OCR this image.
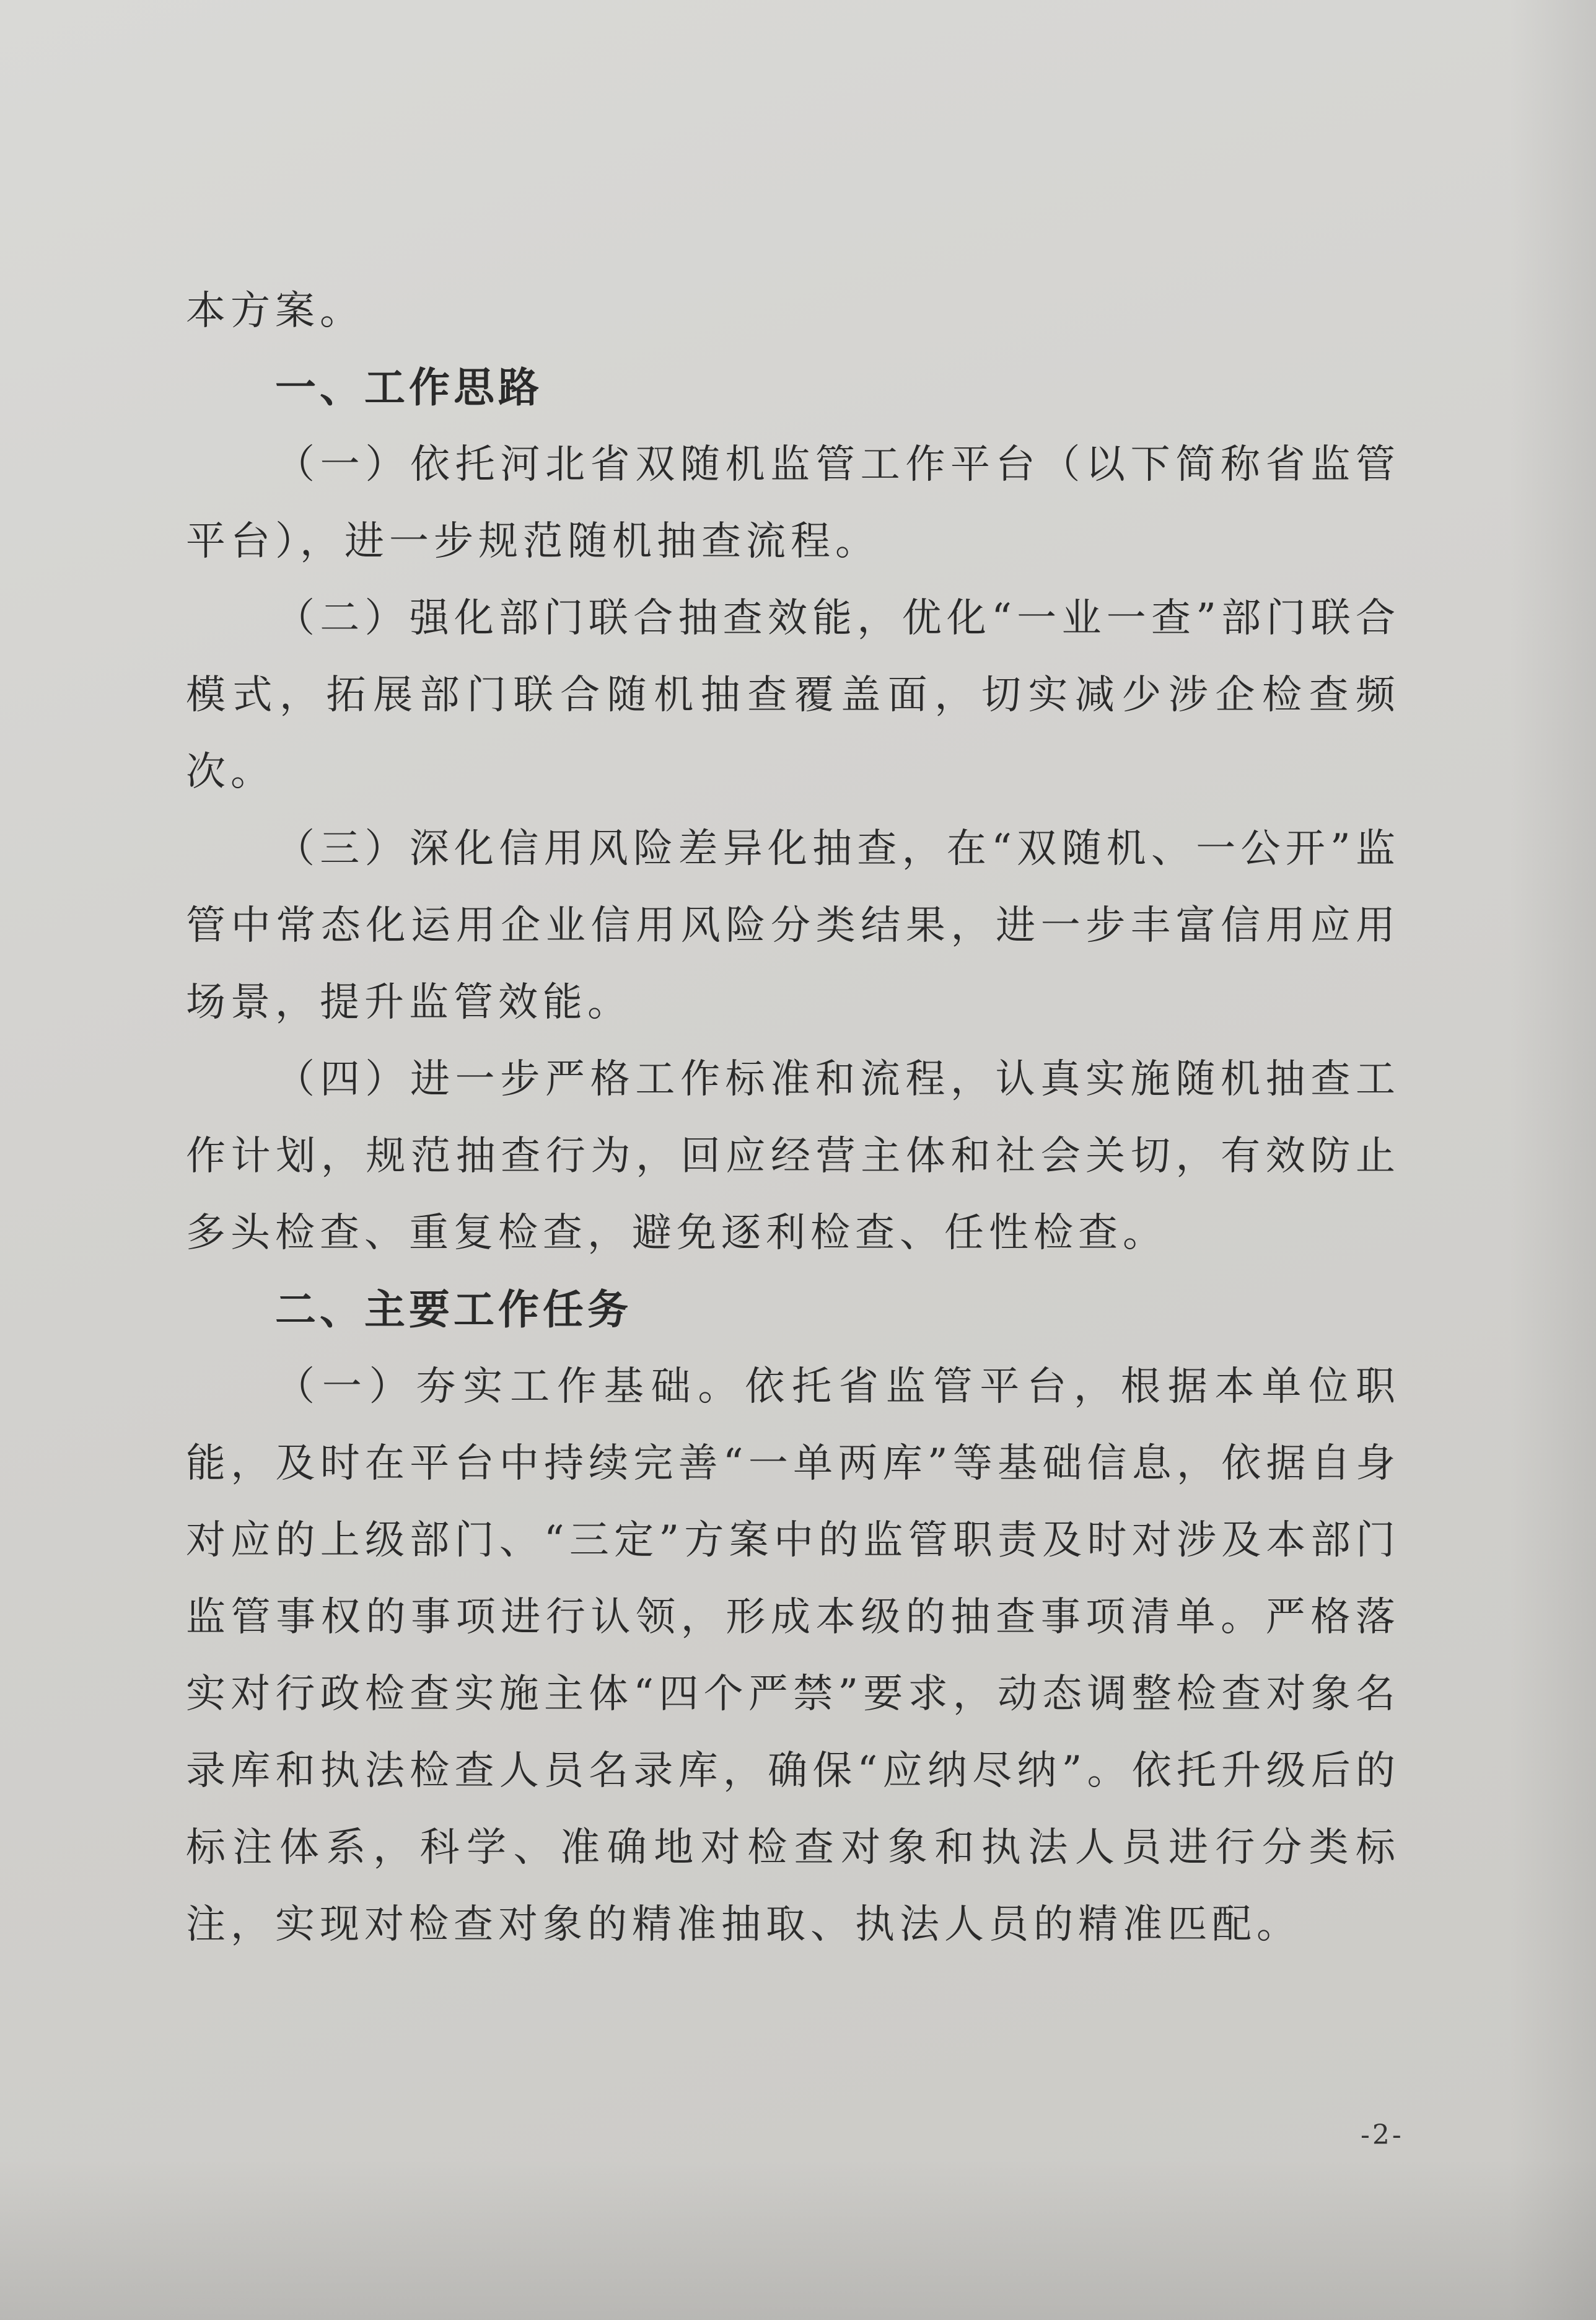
本方案。

一、工作思路

（一）依托河北省双随机监管工作平台（以下简称省监管平台），进一步规范随机抽查流程。

（二）强化部门联合抽查效能，优化“一业一查”部门联合模式，拓展部门联合随机抽查覆盖面，切实减少涉企检查频次。

（三）深化信用风险差异化抽查，在“双随机、一公开”监管中常态化运用企业信用风险分类结果，进一步丰富信用应用场景，提升监管效能。

（四）进一步严格工作标准和流程，认真实施随机抽查工作计划，规范抽查行为，回应经营主体和社会关切，有效防止多头检查、重复检查，避免逐利检查、任性检查。

二、主要工作任务

（一）夯实工作基础。依托省监管平台，根据本单位职能，及时在平台中持续完善“一单两库”等基础信息，依据自身对应的上级部门、“三定”方案中的监管职责及时对涉及本部门监管事权的事项进行认领，形成本级的抽查事项清单。严格落实对行政检查实施主体“四个严禁”要求，动态调整检查对象名录库和执法检查人员名录库，确保“应纳尽纳”。依托升级后的标注体系，科学、准确地对检查对象和执法人员进行分类标注，实现对检查对象的精准抽取、执法人员的精准匹配。

-2-
